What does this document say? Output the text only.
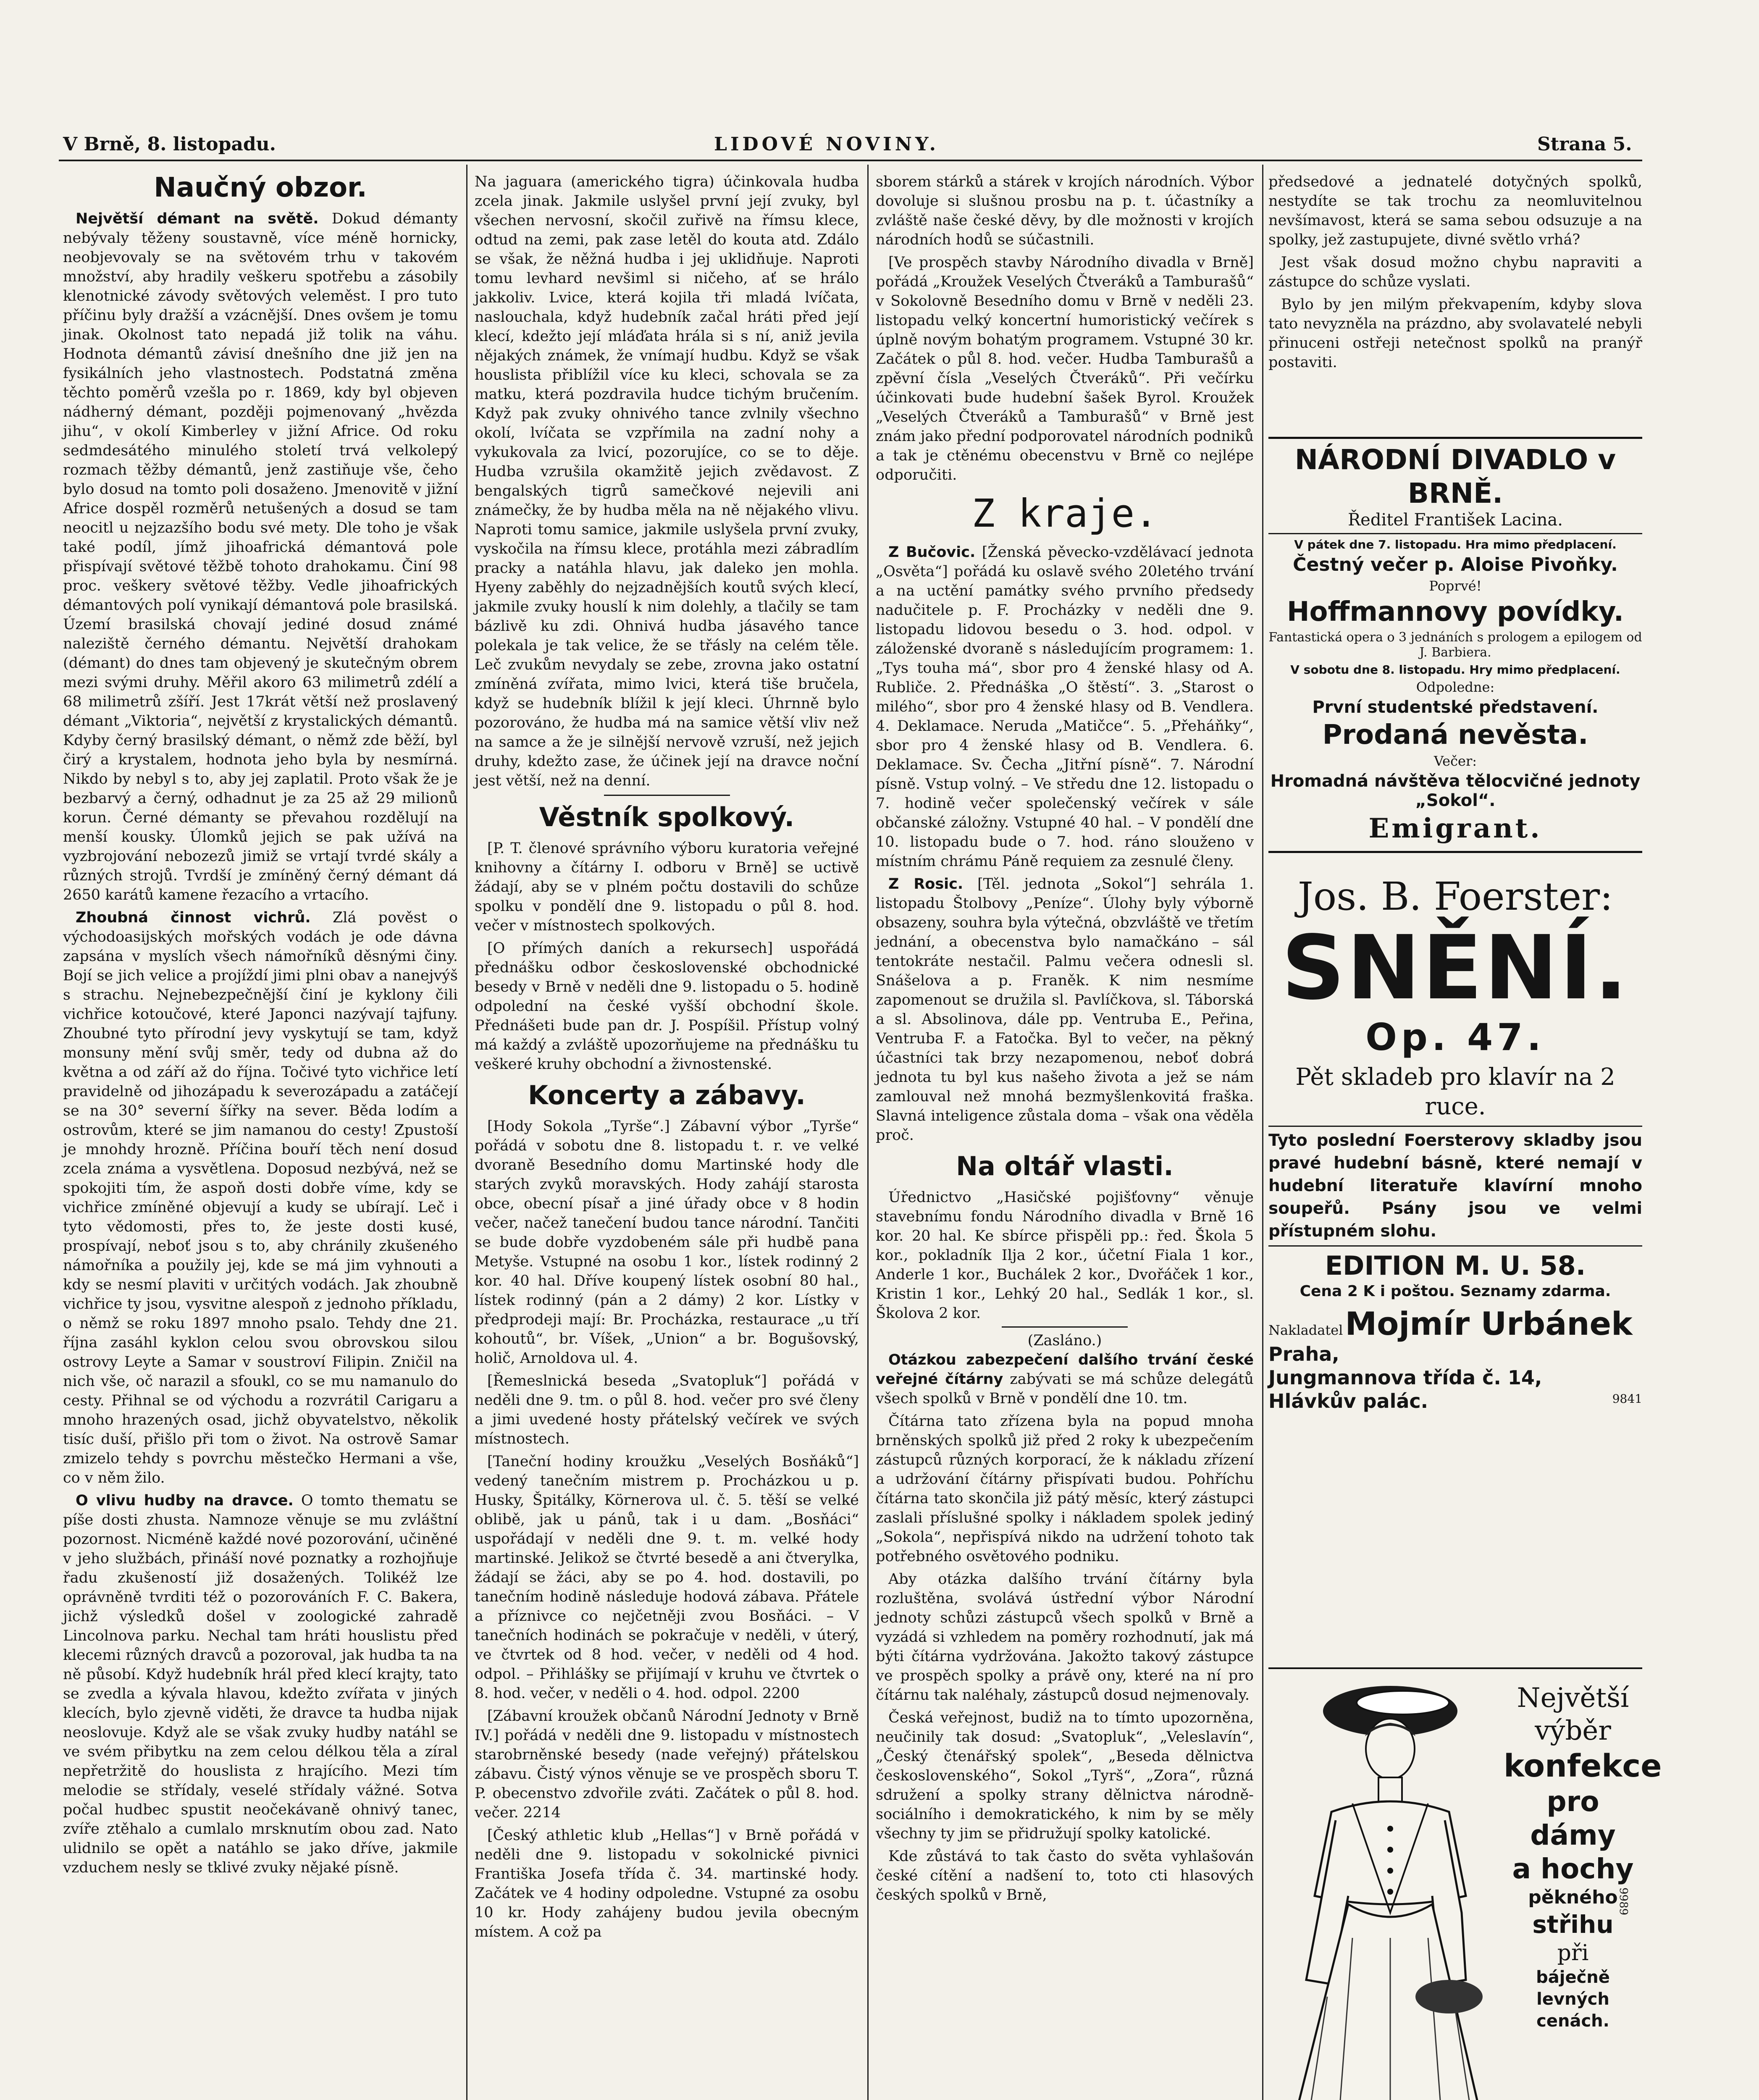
V Brně, 8. listopadu.	LIDOVÉ NOVINY.	Strana 5.
Naučný obzor.

Největší démant na světě. Dokud démanty nebývaly těženy soustavně, více méně hornicky, neobjevovaly se na světovém trhu v takovém množství, aby hradily veškeru spotřebu a zásobily klenotnické závody světových veleměst. I pro tuto příčinu byly dražší a vzácnější. Dnes ovšem je tomu jinak. Okolnost tato nepadá již tolik na váhu. Hodnota démantů závisí dnešního dne již jen na fysikálních jeho vlastnostech. Podstatná změna těchto poměrů vzešla po r. 1869, kdy byl objeven nádherný démant, později pojmenovaný „hvězda jihu“, v okolí Kimberley v jižní Africe. Od roku sedmdesátého minulého století trvá velkolepý rozmach těžby démantů, jenž zastiňuje vše, čeho bylo dosud na tomto poli dosaženo. Jmenovitě v jižní Africe dospěl rozměrů netušených a dosud se tam neocitl u nejzazšího bodu své mety. Dle toho je však také podíl, jímž jihoafrická démantová pole přispívají světové těžbě tohoto drahokamu. Činí 98 proc. veškery světové těžby. Vedle jihoafrických démantových polí vynikají démantová pole brasilská. Území brasilská chovají jediné dosud známé naleziště černého démantu. Největší drahokam (démant) do dnes tam objevený je skutečným obrem mezi svými druhy. Měřil akoro 63 milimetrů zdélí a 68 milimetrů zšíří. Jest 17krát větší než proslavený démant „Viktoria“, největší z krystalických démantů. Kdyby černý brasilský démant, o němž zde běží, byl čirý a krystalem, hodnota jeho byla by nesmírná. Nikdo by nebyl s to, aby jej zaplatil. Proto však že je bezbarvý a černý, odhadnut je za 25 až 29 milionů korun. Černé démanty se převahou rozdělují na menší kousky. Úlomků jejich se pak užívá na vyzbrojování nebozezů jimiž se vrtají tvrdé skály a různých strojů. Tvrdší je zmíněný černý démant dá 2650 karátů kamene řezacího a vrtacího.

Zhoubná činnost vichrů. Zlá pověst o východoasijských mořských vodách je ode dávna zapsána v myslích všech námořníků děsnými činy. Bojí se jich velice a projíždí jimi plni obav a nanejvýš s strachu. Nejnebezpečnější činí je kyklony čili vichřice kotoučové, které Japonci nazývají tajfuny. Zhoubné tyto přírodní jevy vyskytují se tam, když monsuny mění svůj směr, tedy od dubna až do května a od září až do října. Točivé tyto vichřice letí pravidelně od jihozápadu k severozápadu a zatáčejí se na 30° severní šířky na sever. Běda lodím a ostrovům, které se jim namanou do cesty! Zpustoší je mnohdy hrozně. Příčina bouří těch není dosud zcela známa a vysvětlena. Doposud nezbývá, než se spokojiti tím, že aspoň dosti dobře víme, kdy se vichřice zmíněné objevují a kudy se ubírají. Leč i tyto vědomosti, přes to, že jeste dosti kusé, prospívají, neboť jsou s to, aby chránily zkušeného námořníka a použily jej, kde se má jim vyhnouti a kdy se nesmí plaviti v určitých vodách. Jak zhoubně vichřice ty jsou, vysvitne alespoň z jednoho příkladu, o němž se roku 1897 mnoho psalo. Tehdy dne 21. října zasáhl kyklon celou svou obrovskou silou ostrovy Leyte a Samar v soustroví Filipin. Zničil na nich vše, oč narazil a sfoukl, co se mu namanulo do cesty. Přihnal se od východu a rozvrátil Carigaru a mnoho hrazených osad, jichž obyvatelstvo, několik tisíc duší, přišlo při tom o život. Na ostrově Samar zmizelo tehdy s povrchu městečko Hermani a vše, co v něm žilo.

O vlivu hudby na dravce. O tomto thematu se píše dosti zhusta. Namnoze věnuje se mu zvláštní pozornost. Nicméně každé nové pozorování, učiněné v jeho službách, přináší nové poznatky a rozhojňuje řadu zkušeností již dosažených. Tolikéž lze oprávněně tvrditi též o pozorováních F. C. Bakera, jichž výsledků došel v zoologické zahradě Lincolnova parku. Nechal tam hráti houslistu před klecemi různých dravců a pozoroval, jak hudba ta na ně působí. Když hudebník hrál před klecí krajty, tato se zvedla a kývala hlavou, kdežto zvířata v jiných klecích, bylo zjevně viděti, že dravce ta hudba nijak neoslovuje. Když ale se však zvuky hudby natáhl se ve svém přibytku na zem celou délkou těla a zíral nepřetržitě do houslista z hrajícího. Mezi tím melodie se střídaly, veselé střídaly vážné. Sotva počal hudbec spustit neočekávaně ohnivý tanec, zvíře ztěhalo a cumlalo mrsknutím obou zad. Nato ulidnilo se opět a natáhlo se jako dříve, jakmile vzduchem nesly se tklivé zvuky nějaké písně.

Na jaguara (amerického tigra) účinkovala hudba zcela jinak. Jakmile uslyšel první její zvuky, byl všechen nervosní, skočil zuřivě na římsu klece, odtud na zemi, pak zase letěl do kouta atd. Zdálo se však, že něžná hudba i jej uklidňuje. Naproti tomu levhard nevšiml si ničeho, ať se hrálo jakkoliv. Lvice, která kojila tři mladá lvíčata, naslouchala, když hudebník začal hráti před její klecí, kdežto její mláďata hrála si s ní, aniž jevila nějakých známek, že vnímají hudbu. Když se však houslista přiblížil více ku kleci, schovala se za matku, která pozdravila hudce tichým bručením. Když pak zvuky ohnivého tance zvlnily všechno okolí, lvíčata se vzpřímila na zadní nohy a vykukovala za lvicí, pozorujíce, co se to děje. Hudba vzrušila okamžitě jejich zvědavost. Z bengalských tigrů samečkové nejevili ani známečky, že by hudba měla na ně nějakého vlivu. Naproti tomu samice, jakmile uslyšela první zvuky, vyskočila na římsu klece, protáhla mezi zábradlím pracky a natáhla hlavu, jak daleko jen mohla. Hyeny zaběhly do nejzadnějších koutů svých klecí, jakmile zvuky houslí k nim dolehly, a tlačily se tam bázlivě ku zdi. Ohnivá hudba jásavého tance polekala je tak velice, že se třásly na celém těle. Leč zvukům nevydaly se zebe, zrovna jako ostatní zmíněná zvířata, mimo lvici, která tiše bručela, když se hudebník blížil k její kleci. Úhrnně bylo pozorováno, že hudba má na samice větší vliv než na samce a že je silnější nervově vzruší, než jejich druhy, kdežto zase, že účinek její na dravce noční jest větší, než na denní.

Věstník spolkový.

[P. T. členové správního výboru kuratoria veřejné knihovny a čítárny I. odboru v Brně] se uctivě žádají, aby se v plném počtu dostavili do schůze spolku v pondělí dne 9. listopadu o půl 8. hod. večer v místnostech spolkových.

[O přímých daních a rekursech] uspořádá přednášku odbor československé obchodnické besedy v Brně v neděli dne 9. listopadu o 5. hodině odpolední na české vyšší obchodní škole. Přednášeti bude pan dr. J. Pospíšil. Přístup volný má každý a zvláště upozorňujeme na přednášku tu veškeré kruhy obchodní a živnostenské.

Koncerty a zábavy.

[Hody Sokola „Tyrše“.] Zábavní výbor „Tyrše“ pořádá v sobotu dne 8. listopadu t. r. ve velké dvoraně Besedního domu Martinské hody dle starých zvyků moravských. Hody zahájí starosta obce, obecní písař a jiné úřady obce v 8 hodin večer, načež tanečení budou tance národní. Tančiti se bude dobře vyzdobeném sále při hudbě pana Metyše. Vstupné na osobu 1 kor., lístek rodinný 2 kor. 40 hal. Dříve koupený lístek osobní 80 hal., lístek rodinný (pán a 2 dámy) 2 kor. Lístky v předprodeji mají: Br. Procházka, restaurace „u tří kohoutů“, br. Víšek, „Union“ a br. Bogušovský, holič, Arnoldova ul. 4.

[Řemeslnická beseda „Svatopluk“] pořádá v neděli dne 9. tm. o půl 8. hod. večer pro své členy a jimi uvedené hosty přátelský večírek ve svých místnostech.

[Taneční hodiny kroužku „Veselých Bosňáků“] vedený tanečním mistrem p. Procházkou u p. Husky, Špitálky, Körnerova ul. č. 5. těší se velké oblibě, jak u pánů, tak i u dam. „Bosňáci“ uspořádají v neděli dne 9. t. m. velké hody martinské. Jelikož se čtvrté besedě a ani čtverylka, žádají se žáci, aby se po 4. hod. dostavili, po tanečním hodině následuje hodová zábava. Přátele a příznivce co nejčetněji zvou Bosňáci. – V tanečních hodinách se pokračuje v neděli, v úterý, ve čtvrtek od 8 hod. večer, v neděli od 4 hod. odpol. – Přihlášky se přijímají v kruhu ve čtvrtek o 8. hod. večer, v neděli o 4. hod. odpol. 2200

[Zábavní kroužek občanů Národní Jednoty v Brně IV.] pořádá v neděli dne 9. listopadu v místnostech starobrněnské besedy (nade veřejný) přátelskou zábavu. Čistý výnos věnuje se ve prospěch sboru T. P. obecenstvo zdvořile zváti. Začátek o půl 8. hod. večer. 2214

[Český athletic klub „Hellas“] v Brně pořádá v neděli dne 9. listopadu v sokolnické pivnici Františka Josefa třída č. 34. martinské hody. Začátek ve 4 hodiny odpoledne. Vstupné za osobu 10 kr. Hody zahájeny budou jevila obecným místem. A což pa

sborem stárků a stárek v krojích národních. Výbor dovoluje si slušnou prosbu na p. t. účastníky a zvláště naše české děvy, by dle možnosti v krojích národních hodů se súčastnili.

[Ve prospěch stavby Národního divadla v Brně] pořádá „Kroužek Veselých Čtveráků a Tamburašů“ v Sokolovně Besedního domu v Brně v neděli 23. listopadu velký koncertní humoristický večírek s úplně novým bohatým programem. Vstupné 30 kr. Začátek o půl 8. hod. večer. Hudba Tamburašů a zpěvní čísla „Veselých Čtveráků“. Při večírku účinkovati bude hudební šašek Byrol. Kroužek „Veselých Čtveráků a Tamburašů“ v Brně jest znám jako přední podporovatel národních podniků a tak je ctěnému obecenstvu v Brně co nejlépe odporučiti.

Z kraje.

Z Bučovic. [Ženská pěvecko-vzdělávací jednota „Osvěta“] pořádá ku oslavě svého 20letého trvání a na uctění památky svého prvního předsedy nadučitele p. F. Procházky v neděli dne 9. listopadu lidovou besedu o 3. hod. odpol. v záloženské dvoraně s následujícím programem: 1. „Tys touha má“, sbor pro 4 ženské hlasy od A. Rubliče. 2. Přednáška „O štěstí“. 3. „Starost o milého“, sbor pro 4 ženské hlasy od B. Vendlera. 4. Deklamace. Neruda „Matičce“. 5. „Přeháňky“, sbor pro 4 ženské hlasy od B. Vendlera. 6. Deklamace. Sv. Čecha „Jitřní písně“. 7. Národní písně. Vstup volný. – Ve středu dne 12. listopadu o 7. hodině večer společenský večírek v sále občanské záložny. Vstupné 40 hal. – V pondělí dne 10. listopadu bude o 7. hod. ráno slouženo v místním chrámu Páně requiem za zesnulé členy.

Z Rosic. [Těl. jednota „Sokol“] sehrála 1. listopadu Štolbovy „Peníze“. Úlohy byly výborně obsazeny, souhra byla výtečná, obzvláště ve třetím jednání, a obecenstva bylo namačkáno – sál tentokráte nestačil. Palmu večera odnesli sl. Snášelova a p. Franěk. K nim nesmíme zapomenout se družila sl. Pavlíčkova, sl. Táborská a sl. Absolinova, dále pp. Ventruba E., Peřina, Ventruba F. a Fatočka. Byl to večer, na pěkný účastníci tak brzy nezapomenou, neboť dobrá jednota tu byl kus našeho života a jež se nám zamlouval než mnohá bezmyšlenkovitá fraška. Slavná inteligence zůstala doma – však ona věděla proč.

Na oltář vlasti.

Úřednictvo „Hasičské pojišťovny“ věnuje stavebnímu fondu Národního divadla v Brně 16 kor. 20 hal. Ke sbírce přispěli pp.: řed. Škola 5 kor., pokladník Ilja 2 kor., účetní Fiala 1 kor., Anderle 1 kor., Buchálek 2 kor., Dvořáček 1 kor., Kristin 1 kor., Lehký 20 hal., Sedlák 1 kor., sl. Školova 2 kor.

(Zasláno.)

Otázkou zabezpečení dalšího trvání české veřejné čítárny zabývati se má schůze delegátů všech spolků v Brně v pondělí dne 10. tm.

Čítárna tato zřízena byla na popud mnoha brněnských spolků již před 2 roky k ubezpečením zástupců různých korporací, že k nákladu zřízení a udržování čítárny přispívati budou. Pohříchu čítárna tato skončila již pátý měsíc, který zástupci zaslali příslušné spolky i nákladem spolek jediný „Sokola“, nepřispívá nikdo na udržení tohoto tak potřebného osvětového podniku.

Aby otázka dalšího trvání čítárny byla rozluštěna, svolává ústřední výbor Národní jednoty schůzi zástupců všech spolků v Brně a vyzádá si vzhledem na poměry rozhodnutí, jak má býti čítárna vydržována. Jakožto takový zástupce ve prospěch spolky a právě ony, které na ní pro čítárnu tak naléhaly, zástupců dosud nejmenovaly.

Česká veřejnost, budiž na to tímto upozorněna, neučinily tak dosud: „Svatopluk“, „Veleslavín“, „Český čtenářský spolek“, „Beseda dělnictva československého“, Sokol „Tyrš“, „Zora“, různá sdružení a spolky strany dělnictva národně-sociálního i demokratického, k nim by se měly všechny ty jim se přidružují spolky katolické.

Kde zůstává to tak často do světa vyhlašován české cítění a nadšení to, toto cti hlasových českých spolků v Brně,

předsedové a jednatelé dotyčných spolků, nestydíte se tak trochu za neomluvitelnou nevšímavost, která se sama sebou odsuzuje a na spolky, jež zastupujete, divné světlo vrhá?

Jest však dosud možno chybu napraviti a zástupce do schůze vyslati.

Bylo by jen milým překvapením, kdyby slova tato nevyzněla na prázdno, aby svolavatelé nebyli přinuceni ostřeji netečnost spolků na pranýř postaviti.

NÁRODNÍ DIVADLO v BRNĚ.
Ředitel František Lacina.
V pátek dne 7. listopadu. Hra mimo předplacení.
Čestný večer p. Aloise Pivoňky.
Poprvé!
Hoffmannovy povídky.
Fantastická opera o 3 jednáních s prologem a epilogem od J. Barbiera.
V sobotu dne 8. listopadu. Hry mimo předplacení.
Odpoledne:
První studentské představení.
Prodaná nevěsta.
Večer:
Hromadná návštěva tělocvičné jednoty „Sokol“.
Emigrant.
Jos. B. Foerster:
SNĚNÍ.
Op. 47.
Pět skladeb pro klavír na 2 ruce.
Tyto poslední Foersterovy skladby jsou pravé hudební básně, které nemají v hudební literatuře klavírní mnoho soupeřů. Psány jsou ve velmi přístupném slohu.
EDITION M. U. 58.
Cena 2 K i poštou. Seznamy zdarma.
Nakladatel Mojmír Urbánek
Praha,
Jungmannova třída č. 14,
Hlávkův palác.	9841
Největší
výběr
konfekce
pro dámy
a hochy
pěkného
střihu
při
báječně levných
cenách.
9989
